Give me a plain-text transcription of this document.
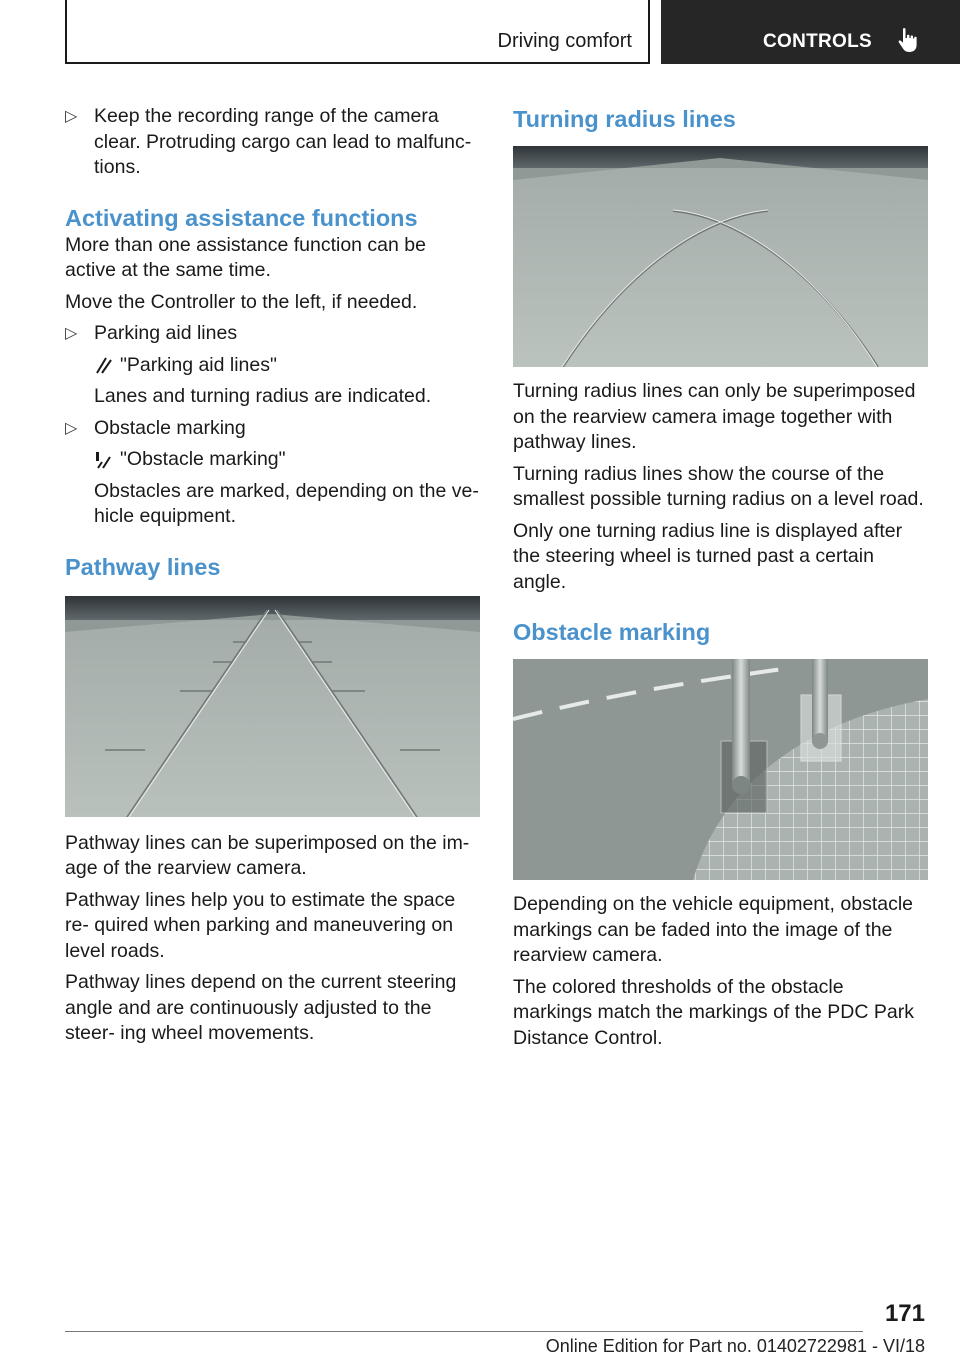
Driving comfort	CONTROLS
▷ Keep the recording range of the camera clear. Protruding cargo can lead to malfunc- tions.
Activating assistance functions

More than one assistance function can be active at the same time.

Move the Controller to the left, if needed.

▷ Parking aid lines
"Parking aid lines"

Lanes and turning radius are indicated.

▷ Obstacle marking
"Obstacle marking"

Obstacles are marked, depending on the ve- hicle equipment.

Pathway lines

Pathway lines can be superimposed on the im- age of the rearview camera.

Pathway lines help you to estimate the space re- quired when parking and maneuvering on level roads.

Pathway lines depend on the current steering angle and are continuously adjusted to the steer- ing wheel movements.

Turning radius lines

Turning radius lines can only be superimposed on the rearview camera image together with pathway lines.

Turning radius lines show the course of the smallest possible turning radius on a level road.

Only one turning radius line is displayed after the steering wheel is turned past a certain angle.

Obstacle marking

Depending on the vehicle equipment, obstacle markings can be faded into the image of the rearview camera.

The colored thresholds of the obstacle markings match the markings of the PDC Park Distance Control.

171
Online Edition for Part no. 01402722981 - VI/18
